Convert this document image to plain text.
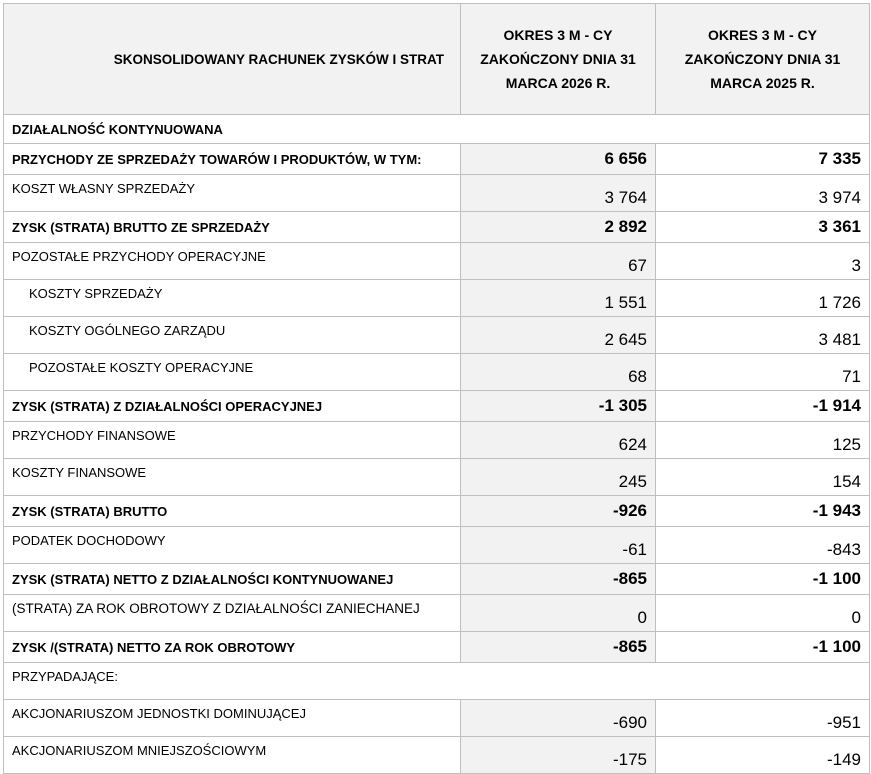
SKONSOLIDOWANY RACHUNEK ZYSKÓW I STRAT	OKRES 3 M - CY ZAKOŃCZONY DNIA 31 MARCA 2026 R.	OKRES 3 M - CY ZAKOŃCZONY DNIA 31 MARCA 2025 R.
DZIAŁALNOŚĆ KONTYNUOWANA		
PRZYCHODY ZE SPRZEDAŻY TOWARÓW I PRODUKTÓW, W TYM:	6 656	7 335
KOSZT WŁASNY SPRZEDAŻY	3 764	3 974
ZYSK (STRATA) BRUTTO ZE SPRZEDAŻY	2 892	3 361
POZOSTAŁE PRZYCHODY OPERACYJNE	67	3
KOSZTY SPRZEDAŻY	1 551	1 726
KOSZTY OGÓLNEGO ZARZĄDU	2 645	3 481
POZOSTAŁE KOSZTY OPERACYJNE	68	71
ZYSK (STRATA) Z DZIAŁALNOŚCI OPERACYJNEJ	-1 305	-1 914
PRZYCHODY FINANSOWE	624	125
KOSZTY FINANSOWE	245	154
ZYSK (STRATA) BRUTTO	-926	-1 943
PODATEK DOCHODOWY	-61	-843
ZYSK (STRATA) NETTO Z DZIAŁALNOŚCI KONTYNUOWANEJ	-865	-1 100
(STRATA) ZA ROK OBROTOWY Z DZIAŁALNOŚCI ZANIECHANEJ	0	0
ZYSK /(STRATA) NETTO ZA ROK OBROTOWY	-865	-1 100
PRZYPADAJĄCE:		
AKCJONARIUSZOM JEDNOSTKI DOMINUJĄCEJ	-690	-951
AKCJONARIUSZOM MNIEJSZOŚCIOWYM	-175	-149
